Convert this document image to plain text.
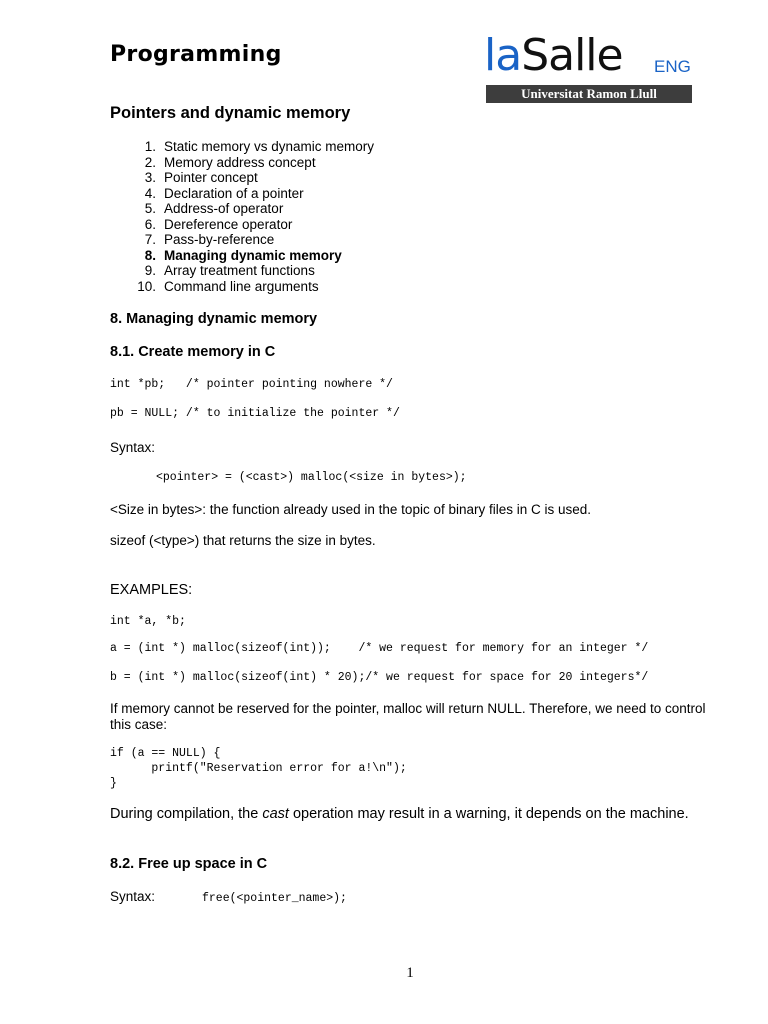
Programming	laSalle ENG
Universitat Ramon Llull
Pointers and dynamic memory
1. Static memory vs dynamic memory
2. Memory address concept
3. Pointer concept
4. Declaration of a pointer
5. Address-of operator
6. Dereference operator
7. Pass-by-reference
8. Managing dynamic memory
9. Array treatment functions
10. Command line arguments
8. Managing dynamic memory
8.1. Create memory in C
int *pb;   /* pointer pointing nowhere */
pb = NULL; /* to initialize the pointer */
Syntax:
<pointer> = (<cast>) malloc(<size in bytes>);
<Size in bytes>: the function already used in the topic of binary files in C is used.
sizeof (<type>) that returns the size in bytes.
EXAMPLES:
int *a, *b;
a = (int *) malloc(sizeof(int));    /* we request for memory for an integer */
b = (int *) malloc(sizeof(int) * 20);/* we request for space for 20 integers*/
If memory cannot be reserved for the pointer, malloc will return NULL. Therefore, we need to control this case:
if (a == NULL) {
printf("Reservation error for a!\n");
}
During compilation, the cast operation may result in a warning, it depends on the machine.
8.2. Free up space in C
Syntax:	free(<pointer_name>);
1
